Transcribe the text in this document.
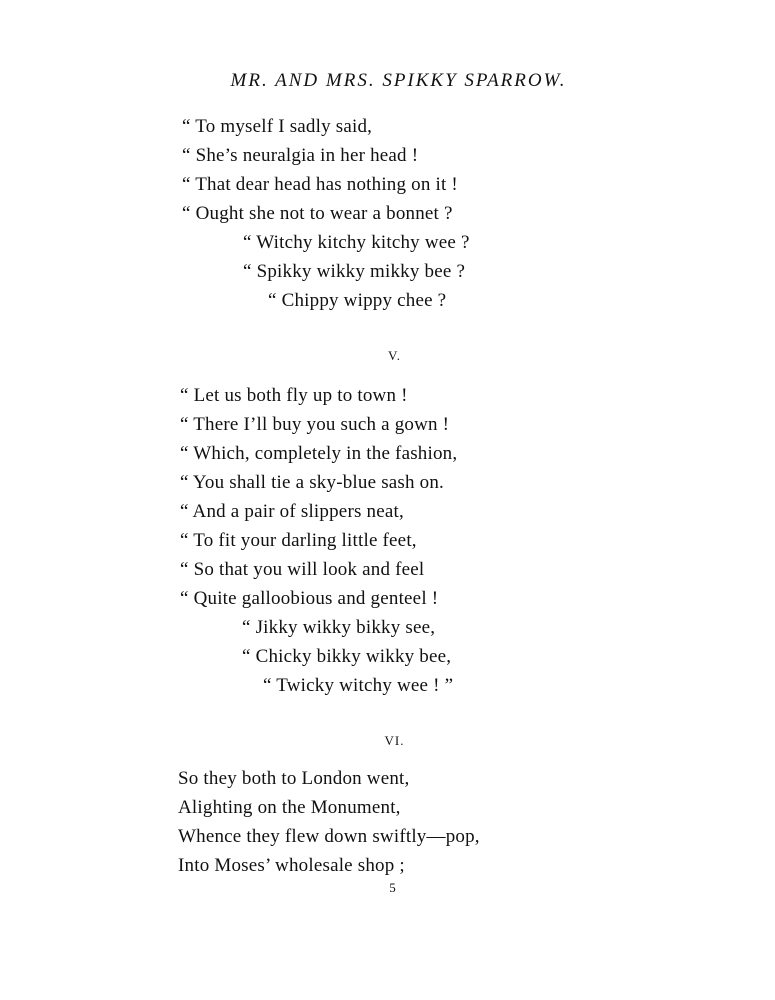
MR. AND MRS. SPIKKY SPARROW.
“ To myself I sadly said,
“ She’s neuralgia in her head !
“ That dear head has nothing on it !
“ Ought she not to wear a bonnet ?
“ Witchy kitchy kitchy wee ?
“ Spikky wikky mikky bee ?
“ Chippy wippy chee ?
V.
“ Let us both fly up to town !
“ There I’ll buy you such a gown !
“ Which, completely in the fashion,
“ You shall tie a sky-blue sash on.
“ And a pair of slippers neat,
“ To fit your darling little feet,
“ So that you will look and feel
“ Quite galloobious and genteel !
“ Jikky wikky bikky see,
“ Chicky bikky wikky bee,
“ Twicky witchy wee ! ”
VI.
So they both to London went,
Alighting on the Monument,
Whence they flew down swiftly—pop,
Into Moses’ wholesale shop ;
5
